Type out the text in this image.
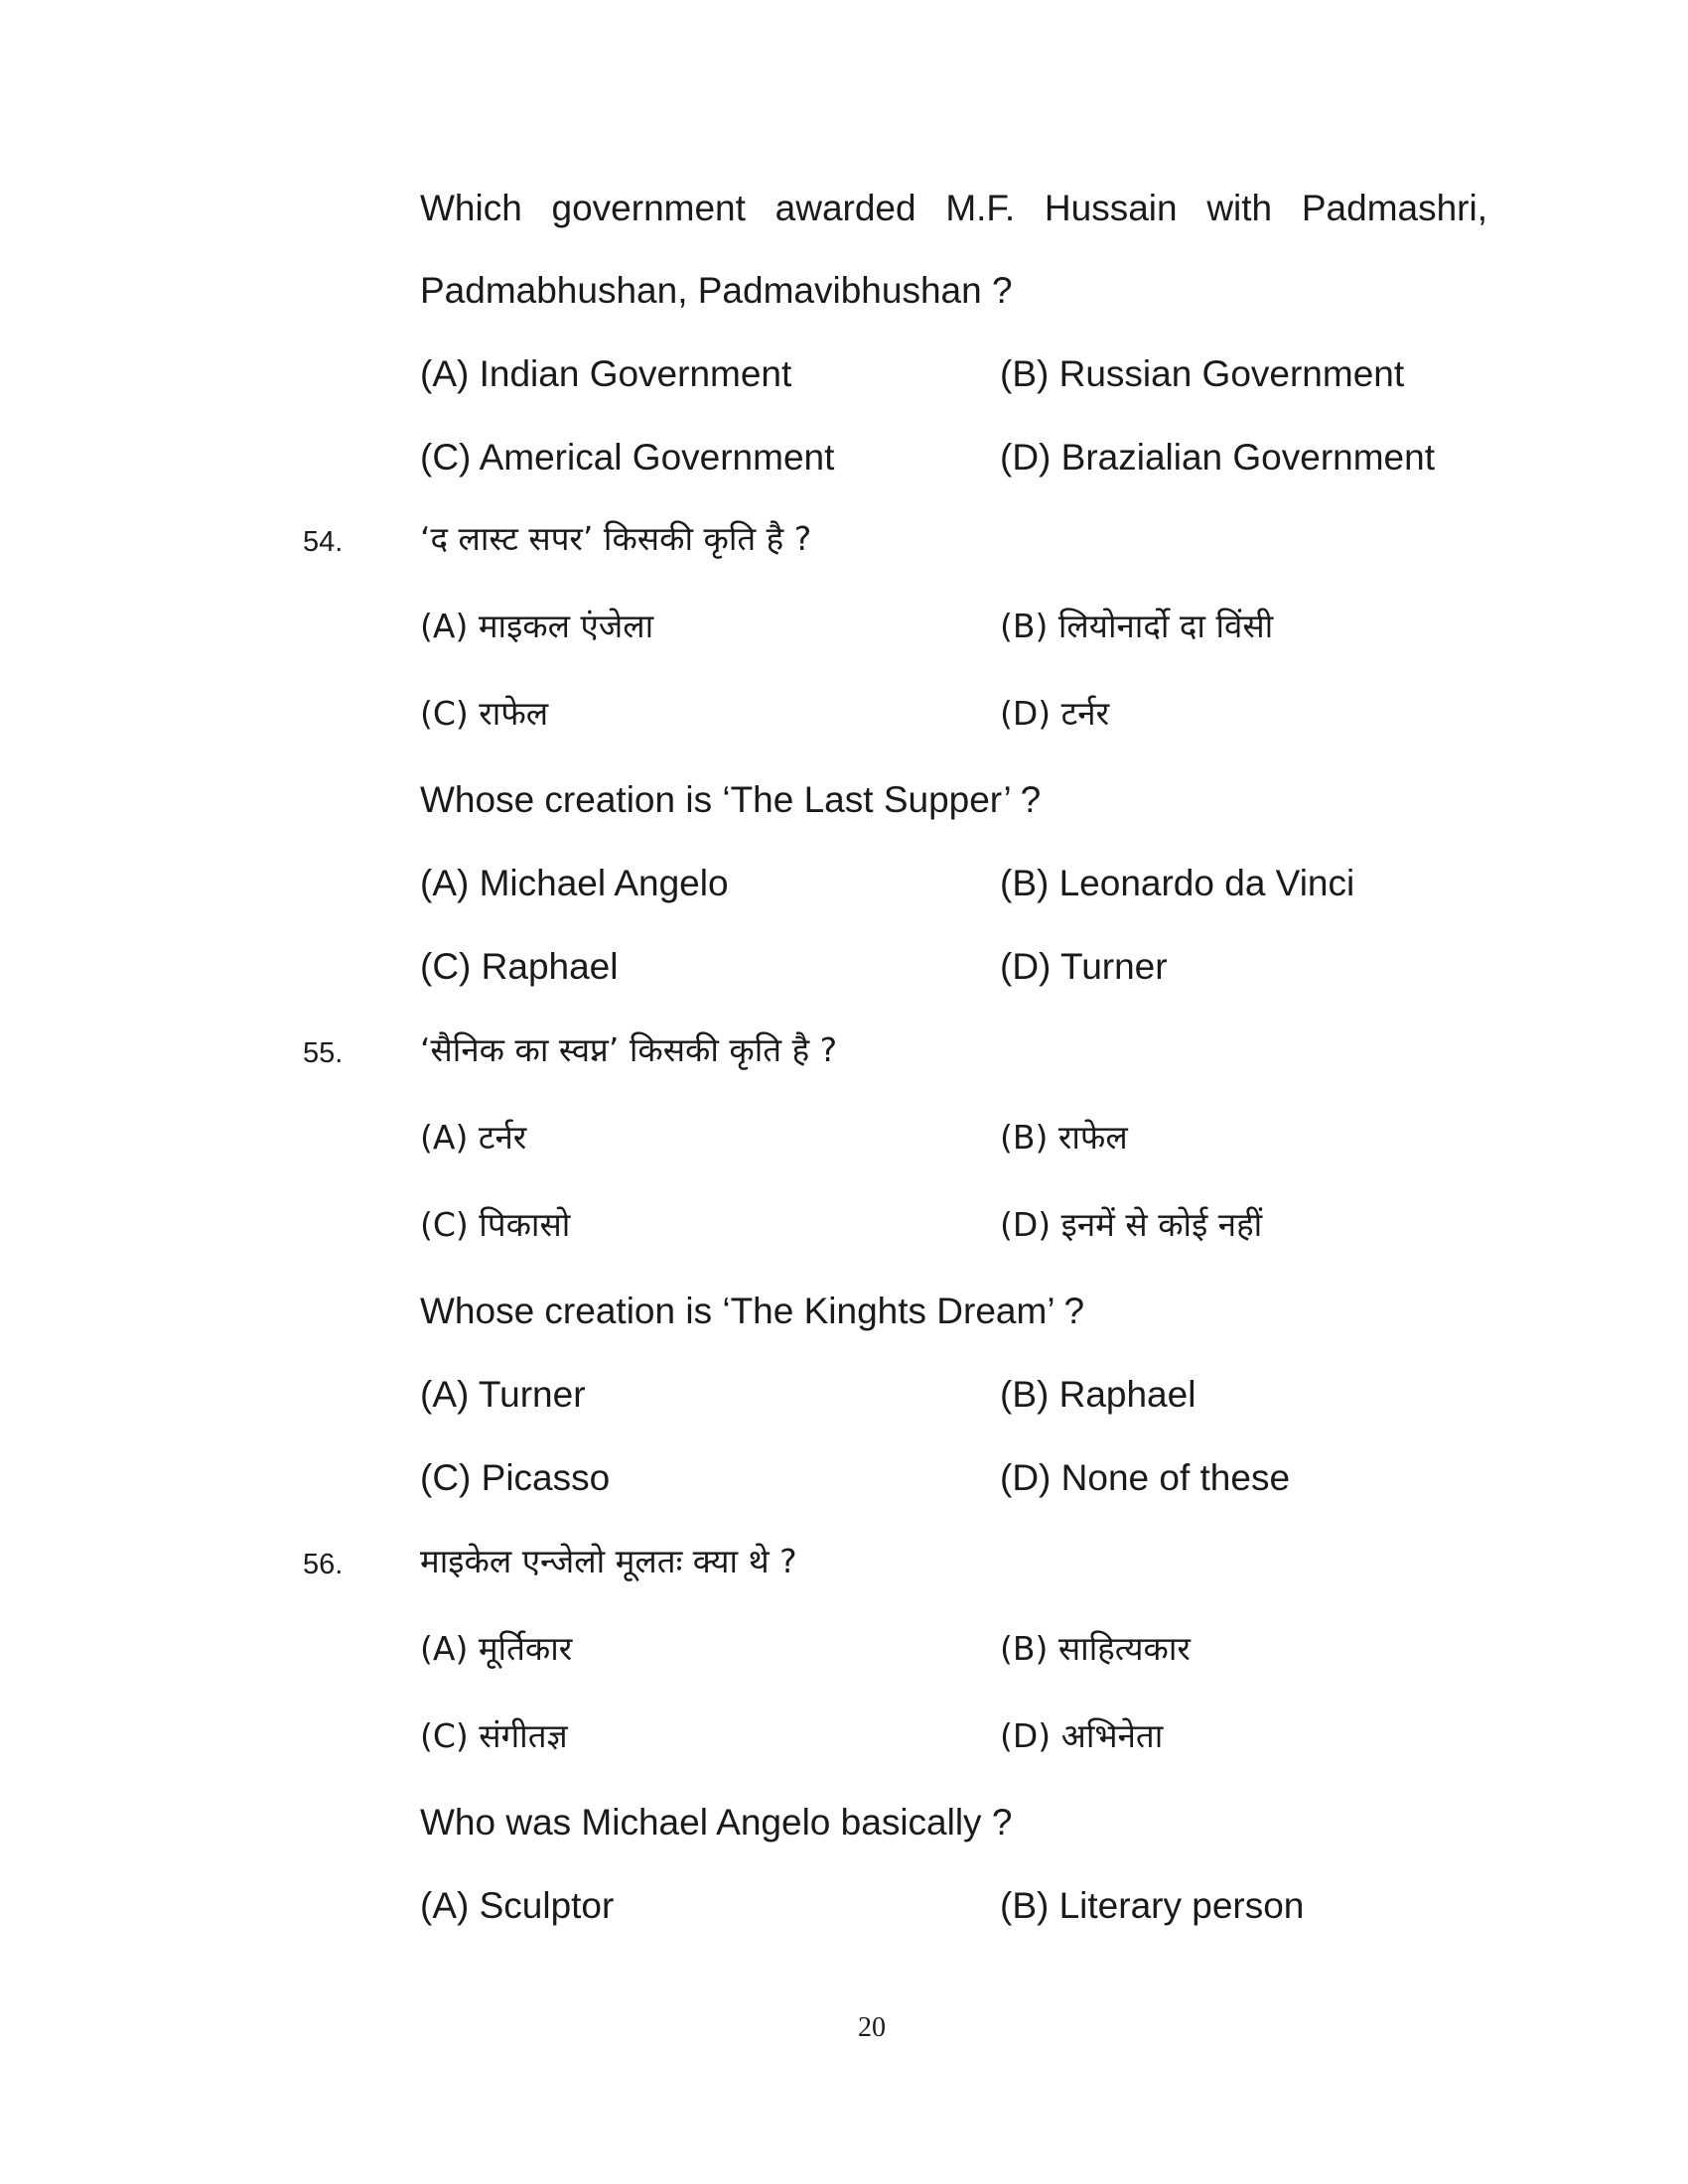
Which government awarded M.F. Hussain with Padmashri,
Padmabhushan, Padmavibhushan ?
(A) Indian Government	(B) Russian Government
(C) Americal Government	(D) Brazialian Government
54. ‘द लास्ट सपर’ किसकी कृति है ?
(A) माइकल एंजेला	(B) लियोनार्दो दा विंसी
(C) राफेल	(D) टर्नर
Whose creation is ‘The Last Supper’ ?
(A) Michael Angelo	(B) Leonardo da Vinci
(C) Raphael	(D) Turner
55. ‘सैनिक का स्वप्न’ किसकी कृति है ?
(A) टर्नर	(B) राफेल
(C) पिकासो	(D) इनमें से कोई नहीं
Whose creation is ‘The Kinghts Dream’ ?
(A) Turner	(B) Raphael
(C) Picasso	(D) None of these
56. माइकेल एन्जेलो मूलतः क्या थे ?
(A) मूर्तिकार	(B) साहित्यकार
(C) संगीतज्ञ	(D) अभिनेता
Who was Michael Angelo basically ?
(A) Sculptor	(B) Literary person
20
